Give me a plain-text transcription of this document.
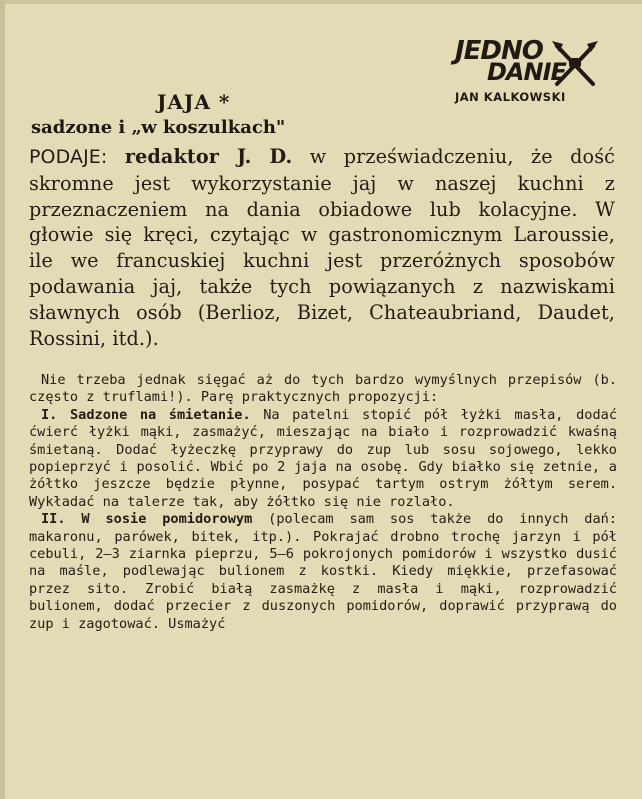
JEDNO
DANIE
JAN KALKOWSKI
JAJA *
sadzone i „w koszulkach"
PODAJE: redaktor J. D. w przeświadczeniu, że dość skromne jest wykorzystanie jaj w naszej kuchni z przeznaczeniem na dania obiadowe lub kolacyjne. W głowie się kręci, czytając w gastronomicznym Laroussie, ile we francuskiej kuchni jest przeróżnych sposobów podawania jaj, także tych powiązanych z nazwiskami sławnych osób (Berlioz, Bizet, Chateaubriand, Daudet, Rossini, itd.).

Nie trzeba jednak sięgać aż do tych bardzo wymyślnych przepisów (b. często z truflami!). Parę praktycznych propozycji:

I. Sadzone na śmietanie. Na patelni stopić pół łyżki masła, dodać ćwierć łyżki mąki, zasmażyć, mieszając na biało i rozprowadzić kwaśną śmietaną. Dodać łyżeczkę przyprawy do zup lub sosu sojowego, lekko popieprzyć i posolić. Wbić po 2 jaja na osobę. Gdy białko się zetnie, a żółtko jeszcze będzie płynne, posypać tartym ostrym żółtym serem. Wykładać na talerze tak, aby żółtko się nie rozlało.

II. W sosie pomidorowym (polecam sam sos także do innych dań: makaronu, parówek, bitek, itp.). Pokrajać drobno trochę jarzyn i pół cebuli, 2—3 ziarnka pieprzu, 5—6 pokrojonych pomidorów i wszystko dusić na maśle, podlewając bulionem z kostki. Kiedy miękkie, przefasować przez sito. Zrobić białą zasmażkę z masła i mąki, rozprowadzić bulionem, dodać przecier z duszonych pomidorów, doprawić przyprawą do zup i zagotować. Usmażyć
